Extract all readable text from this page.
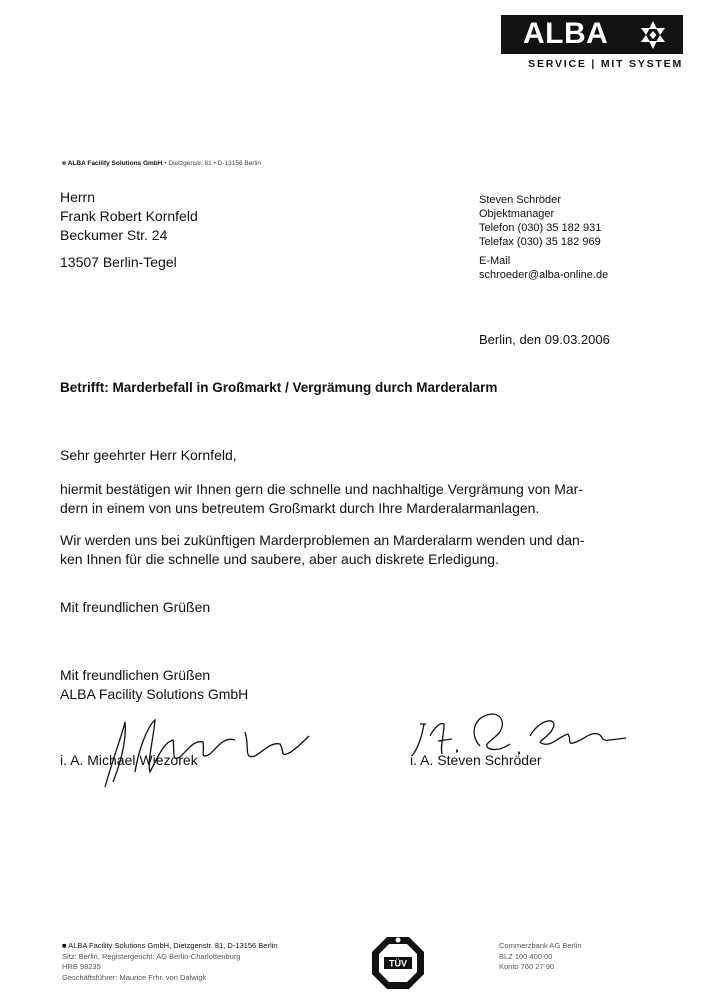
ALBA
SERVICE | MIT SYSTEM
■ ALBA Facility Solutions GmbH • Dietzgenstr. 81 • D-13156 Berlin
Herrn
Frank Robert Kornfeld
Beckumer Str. 24
13507 Berlin-Tegel
Steven Schröder
Objektmanager
Telefon (030) 35 182 931
Telefax (030) 35 182 969
E-Mail
schroeder@alba-online.de
Berlin, den 09.03.2006
Betrifft: Marderbefall in Großmarkt / Vergrämung durch Marderalarm
Sehr geehrter Herr Kornfeld,
hiermit bestätigen wir Ihnen gern die schnelle und nachhaltige Vergrämung von Mar-
dern in einem von uns betreutem Großmarkt durch Ihre Marderalarmanlagen.
Wir werden uns bei zukünftigen Marderproblemen an Marderalarm wenden und dan-
ken Ihnen für die schnelle und saubere, aber auch diskrete Erledigung.
Mit freundlichen Grüßen
Mit freundlichen Grüßen
ALBA Facility Solutions GmbH
i. A. Michael Wiezorek	i. A. Steven Schröder
■ ALBA Facility Solutions GmbH, Dietzgenstr. 81, D-13156 Berlin
Sitz: Berlin, Registergericht: AG Berlin-Charlottenburg
HRB 98235
Geschäftsführer: Maurice Frhr. von Dalwigk
TÜV
Commerzbank AG Berlin
BLZ 100 400 00
Konto 760 27 90
